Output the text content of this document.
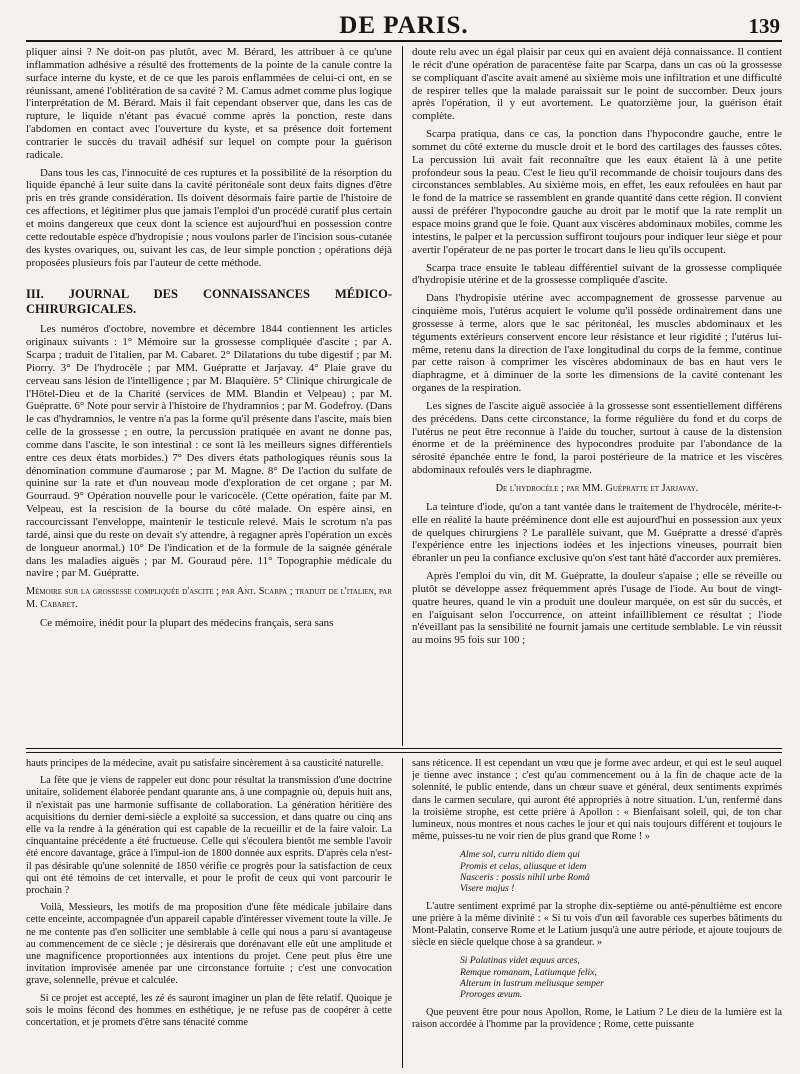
DE PARIS.	139

pliquer ainsi ? Ne doit-on pas plutôt, avec M. Bérard, les attribuer à ce qu'une inflammation adhésive a résulté des frottements de la pointe de la canule contre la surface interne du kyste, et de ce que les parois enflammées de celui-ci ont, en se réunissant, amené l'oblitération de sa cavité ? M. Camus admet comme plus logique l'interprétation de M. Bérard. Mais il fait cependant observer que, dans les cas de rupture, le liquide n'étant pas évacué comme après la ponction, reste dans l'abdomen en contact avec l'ouverture du kyste, et sa présence doit fortement contrarier le succès du travail adhésif sur lequel on compte pour la guérison radicale.

Dans tous les cas, l'innocuité de ces ruptures et la possibilité de la résorption du liquide épanché à leur suite dans la cavité péritonéale sont deux faits dignes d'être pris en très grande considération. Ils doivent désormais faire partie de l'histoire de ces affections, et légitimer plus que jamais l'emploi d'un procédé curatif plus certain et moins dangereux que ceux dont la science est aujourd'hui en possession contre cette redoutable espèce d'hydropisie ; nous voulons parler de l'incision sous-cutanée des kystes ovariques, ou, suivant les cas, de leur simple ponction ; opérations déjà proposées plusieurs fois par l'auteur de cette méthode.

III. JOURNAL DES CONNAISSANCES MÉDICO-CHIRURGICALES.

Les numéros d'octobre, novembre et décembre 1844 contiennent les articles originaux suivants : 1° Mémoire sur la grossesse compliquée d'ascite ; par A. Scarpa ; traduit de l'italien, par M. Cabaret. 2° Dilatations du tube digestif ; par M. Piorry. 3° De l'hydrocèle ; par MM. Guépratte et Jarjavay. 4° Plaie grave du cerveau sans lésion de l'intelligence ; par M. Blaquière. 5° Clinique chirurgicale de l'Hôtel-Dieu et de la Charité (services de MM. Blandin et Velpeau) ; par M. Guépratte. 6° Note pour servir à l'histoire de l'hydramnios ; par M. Godefroy. (Dans le cas d'hydramnios, le ventre n'a pas la forme qu'il présente dans l'ascite, mais bien celle de la grossesse ; en outre, la percussion pratiquée en avant ne donne pas, comme dans l'ascite, le son intestinal : ce sont là les meilleurs signes différentiels entre ces deux états morbides.) 7° Des divers états pathologiques réunis sous la dénomination commune d'aumarose ; par M. Magne. 8° De l'action du sulfate de quinine sur la rate et d'un nouveau mode d'exploration de cet organe ; par M. Gourraud. 9° Opération nouvelle pour le varicocèle. (Cette opération, faite par M. Velpeau, est la rescision de la bourse du côté malade. On espère ainsi, en raccourcissant l'enveloppe, maintenir le testicule relevé. Mais le scrotum n'a pas tardé, ainsi que du reste on devait s'y attendre, à regagner après l'opération un excès de longueur anormal.) 10° De l'indication et de la formule de la saignée générale dans les maladies aiguës ; par M. Gouraud père. 11° Topographie médicale du navire ; par M. Guépratte.

Mémoire sur la grossesse compliquée d'ascite ; par Ant. Scarpa ; traduit de l'italien, par M. Cabaret.

Ce mémoire, inédit pour la plupart des médecins français, sera sans

doute relu avec un égal plaisir par ceux qui en avaient déjà connaissance. Il contient le récit d'une opération de paracentèse faite par Scarpa, dans un cas où la grossesse se compliquant d'ascite avait amené au sixième mois une infiltration et une difficulté de respirer telles que la malade paraissait sur le point de succomber. Deux jours après l'opération, il y eut avortement. Le quatorzième jour, la guérison était complète.

Scarpa pratiqua, dans ce cas, la ponction dans l'hypocondre gauche, entre le sommet du côté externe du muscle droit et le bord des cartilages des fausses côtes. La percussion lui avait fait reconnaître que les eaux étaient là à une petite profondeur sous la peau. C'est le lieu qu'il recommande de choisir toujours dans des circonstances semblables. Au sixième mois, en effet, les eaux refoulées en haut par le fond de la matrice se rassemblent en grande quantité dans cette région. Il convient aussi de préférer l'hypocondre gauche au droit par le motif que la rate remplit un espace moins grand que le foie. Quant aux viscères abdominaux mobiles, comme les intestins, le palper et la percussion suffiront toujours pour indiquer leur siège et pour avertir l'opérateur de ne pas porter le trocart dans le lieu qu'ils occupent.

Scarpa trace ensuite le tableau différentiel suivant de la grossesse compliquée d'hydropisie utérine et de la grossesse compliquée d'ascite.

Dans l'hydropisie utérine avec accompagnement de grossesse parvenue au cinquième mois, l'utérus acquiert le volume qu'il possède ordinairement dans une grossesse à terme, alors que le sac péritonéal, les muscles abdominaux et les téguments extérieurs conservent encore leur résistance et leur rigidité ; l'utérus lui-même, retenu dans la direction de l'axe longitudinal du corps de la femme, continue par cette raison à comprimer les viscères abdominaux de bas en haut vers le diaphragme, et à diminuer de la sorte les dimensions de la cavité contenant les organes de la respiration.

Les signes de l'ascite aiguë associée à la grossesse sont essentiellement différens des précédens. Dans cette circonstance, la forme régulière du fond et du corps de l'utérus ne peut être reconnue à l'aide du toucher, surtout à cause de la distension énorme et de la prééminence des hypocondres produite par l'abondance de la sérosité épanchée entre le fond, la paroi postérieure de la matrice et les viscères abdominaux refoulés vers le diaphragme.

De l'hydrocèle ; par MM. Guépratte et Jarjavay.

La teinture d'iode, qu'on a tant vantée dans le traitement de l'hydrocèle, mérite-t-elle en réalité la haute prééminence dont elle est aujourd'hui en possession aux yeux de quelques chirurgiens ? Le parallèle suivant, que M. Guépratte a dressé d'après l'expérience entre les injections iodées et les injections vineuses, pourrait bien ébranler un peu la confiance exclusive qu'on s'est tant hâté d'accorder aux premières.

Après l'emploi du vin, dit M. Guépratte, la douleur s'apaise ; elle se réveille ou plutôt se développe assez fréquemment après l'usage de l'iode. Au bout de vingt-quatre heures, quand le vin a produit une douleur marquée, on est sûr du succès, et en l'aiguisant selon l'occurrence, on atteint infailliblement ce résultat ; l'iode n'éveillant pas la sensibilité ne fournit jamais une certitude semblable. Le vin réussit au moins 95 fois sur 100 ;

hauts principes de la médecine, avait pu satisfaire sincèrement à sa causticité naturelle.

La fête que je viens de rappeler eut donc pour résultat la transmission d'une doctrine unitaire, solidement élaborée pendant quarante ans, à une compagnie où, depuis huit ans, il n'existait pas une harmonie suffisante de collaboration. La génération héritière des acquisitions du dernier demi-siècle a exploité sa succession, et dans quatre ou cinq ans elle va la rendre à la génération qui est capable de la recueillir et de la faire valoir. La cinquantaine précédente a été fructueuse. Celle qui s'écoulera bientôt me semble l'avoir été encore davantage, grâce à l'impul-ion de 1800 donnée aux esprits. D'après cela n'est-il pas désirable qu'une solennité de 1850 vérifie ce progrès pour la satisfaction de ceux qui ont été témoins de cet intervalle, et pour le profit de ceux qui vont parcourir le prochain ?

Voilà, Messieurs, les motifs de ma proposition d'une fête médicale jubilaire dans cette enceinte, accompagnée d'un appareil capable d'intéresser vivement toute la ville. Je ne me contente pas d'en solliciter une semblable à celle qui nous a paru si avantageuse au commencement de ce siècle ; je désirerais que dorénavant elle eût une amplitude et une magnificence proportionnées aux intentions du projet. Cene peut plus être une invitation improvisée amenée par une circonstance fortuite ; c'est une convocation grave, solennelle, prévue et calculée.

Si ce projet est accepté, les zé és sauront imaginer un plan de fête relatif. Quoique je sois le moins fécond des hommes en esthétique, je ne refuse pas de coopérer à cette concertation, et je promets d'être sans ténacité comme

sans réticence. Il est cependant un vœu que je forme avec ardeur, et qui est le seul auquel je tienne avec instance ; c'est qu'au commencement ou à la fin de chaque acte de la solennité, le public entende, dans un chœur suave et général, deux sentiments exprimés dans le carmen seculare, qui auront été appropriés à notre situation. L'un, renfermé dans la troisième strophe, est cette prière à Apollon : « Bienfaisant soleil, qui, de ton char lumineux, nous montres et nous caches le jour et qui nais toujours différent et toujours le même, puisses-tu ne voir rien de plus grand que Rome ! »

Alme sol, curru nitido diem qui
Promis et celas, aliusque et idem
Nasceris : possis nihil urbe Româ
Visere majus !

L'autre sentiment exprimé par la strophe dix-septième ou anté-pénultième est encore une prière à la même divinité : « Si tu vois d'un œil favorable ces superbes bâtiments du Mont-Palatin, conserve Rome et le Latium jusqu'à une autre période, et ajoute toujours de siècle en siècle quelque chose à sa grandeur. »

Si Palatinas videt æquus arces,
Remque romanam, Latiumque felix,
Alterum in lustrum meliusque semper
Proroges ævum.

Que peuvent être pour nous Apollon, Rome, le Latium ? Le dieu de la lumière est la raison accordée à l'homme par la providence ; Rome, cette puissante
